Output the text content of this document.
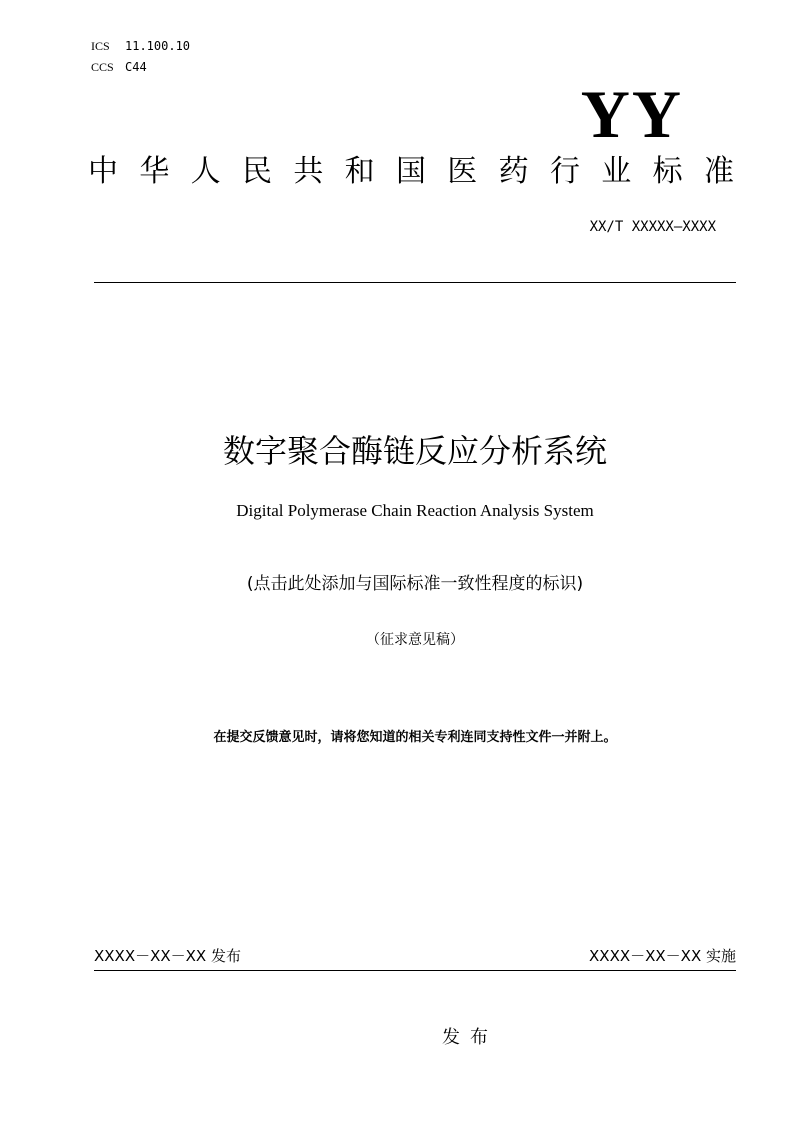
ICS	11.100.10
CCS C44
YY
中 华 人 民 共 和 国 医 药 行 业 标 准
XX/T XXXXX—XXXX
数字聚合酶链反应分析系统
Digital Polymerase Chain Reaction Analysis System
(点击此处添加与国际标准一致性程度的标识)
（征求意见稿）
在提交反馈意见时，请将您知道的相关专利连同支持性文件一并附上。
XXXX－XX－XX 发布	XXXX－XX－XX 实施
发布
